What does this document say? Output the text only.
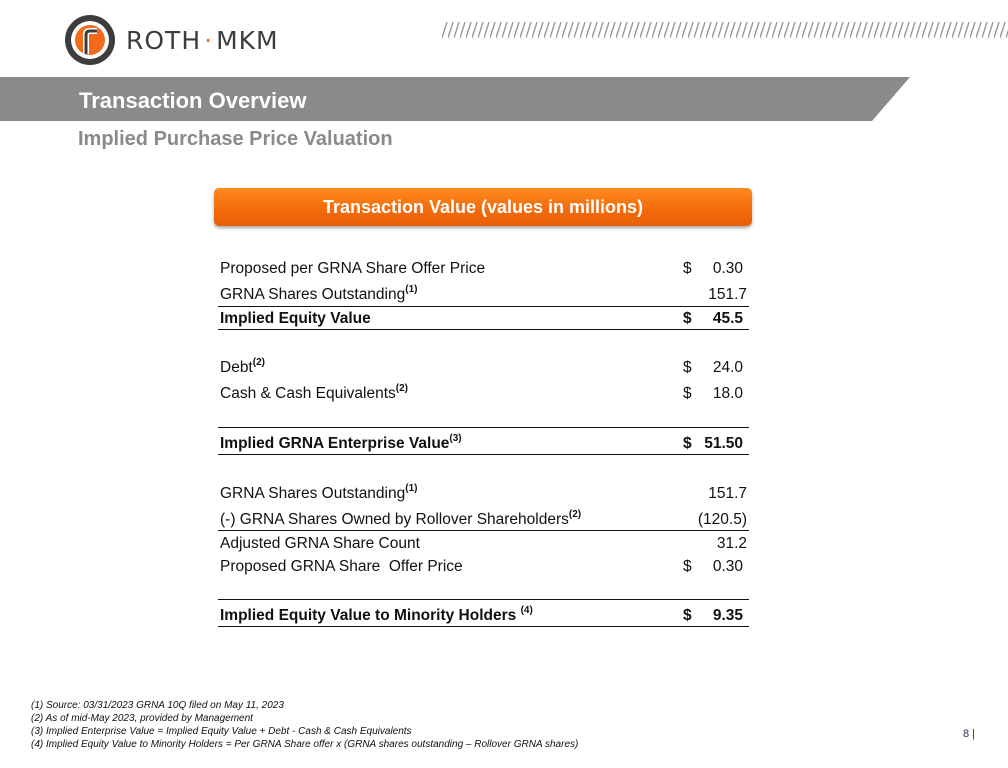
ROTH · MKM
Transaction Overview
Implied Purchase Price Valuation
Transaction Value (values in millions)
Proposed per GRNA Share Offer Price	$ 0.30
GRNA Shares Outstanding$^{(1)}$	151.7
Implied Equity Value	$ 45.5
Debt$^{(2)}$	$ 24.0
Cash & Cash Equivalents$^{(2)}$	$ 18.0
Implied GRNA Enterprise Value$^{(3)}$	$ 51.50
GRNA Shares Outstanding$^{(1)}$	151.7
(-) GRNA Shares Owned by Rollover Shareholders$^{(2)}$	(120.5)
Adjusted GRNA Share Count	31.2
Proposed GRNA Share  Offer Price	$ 0.30
Implied Equity Value to Minority Holders $^{(4)}$	$ 9.35
(1) Source: 03/31/2023 GRNA 10Q filed on May 11, 2023
(2) As of mid-May 2023, provided by Management
(3) Implied Enterprise Value = Implied Equity Value + Debt - Cash & Cash Equivalents
(4) Implied Equity Value to Minority Holders = Per GRNA Share offer x (GRNA shares outstanding – Rollover GRNA shares)
8 |
